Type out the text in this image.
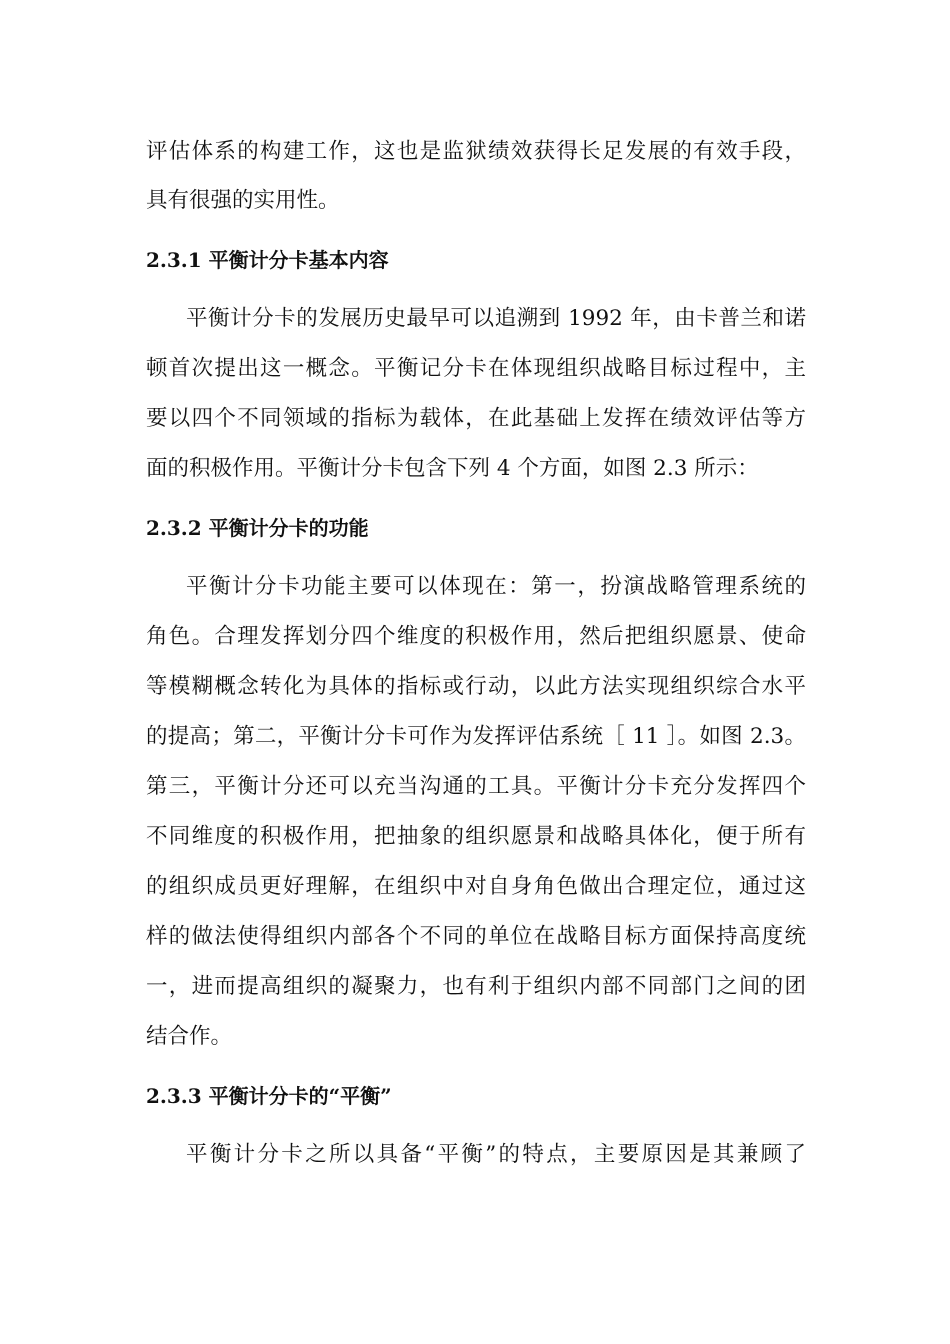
评估体系的构建工作，这也是监狱绩效获得长足发展的有效手段，
具有很强的实用性。
2.3.1 平衡计分卡基本内容
平衡计分卡的发展历史最早可以追溯到 1992 年，由卡普兰和诺
顿首次提出这一概念。平衡记分卡在体现组织战略目标过程中，主
要以四个不同领域的指标为载体，在此基础上发挥在绩效评估等方
面的积极作用。平衡计分卡包含下列 4 个方面，如图 2.3 所示：
2.3.2 平衡计分卡的功能
平衡计分卡功能主要可以体现在：第一，扮演战略管理系统的
角色。合理发挥划分四个维度的积极作用，然后把组织愿景、使命
等模糊概念转化为具体的指标或行动，以此方法实现组织综合水平
的提高；第二，平衡计分卡可作为发挥评估系统［ 11 ］。如图 2.3。
第三，平衡计分还可以充当沟通的工具。平衡计分卡充分发挥四个
不同维度的积极作用，把抽象的组织愿景和战略具体化，便于所有
的组织成员更好理解，在组织中对自身角色做出合理定位，通过这
样的做法使得组织内部各个不同的单位在战略目标方面保持高度统
一，进而提高组织的凝聚力，也有利于组织内部不同部门之间的团
结合作。
2.3.3 平衡计分卡的“平衡”
平衡计分卡之所以具备“平衡”的特点，主要原因是其兼顾了
